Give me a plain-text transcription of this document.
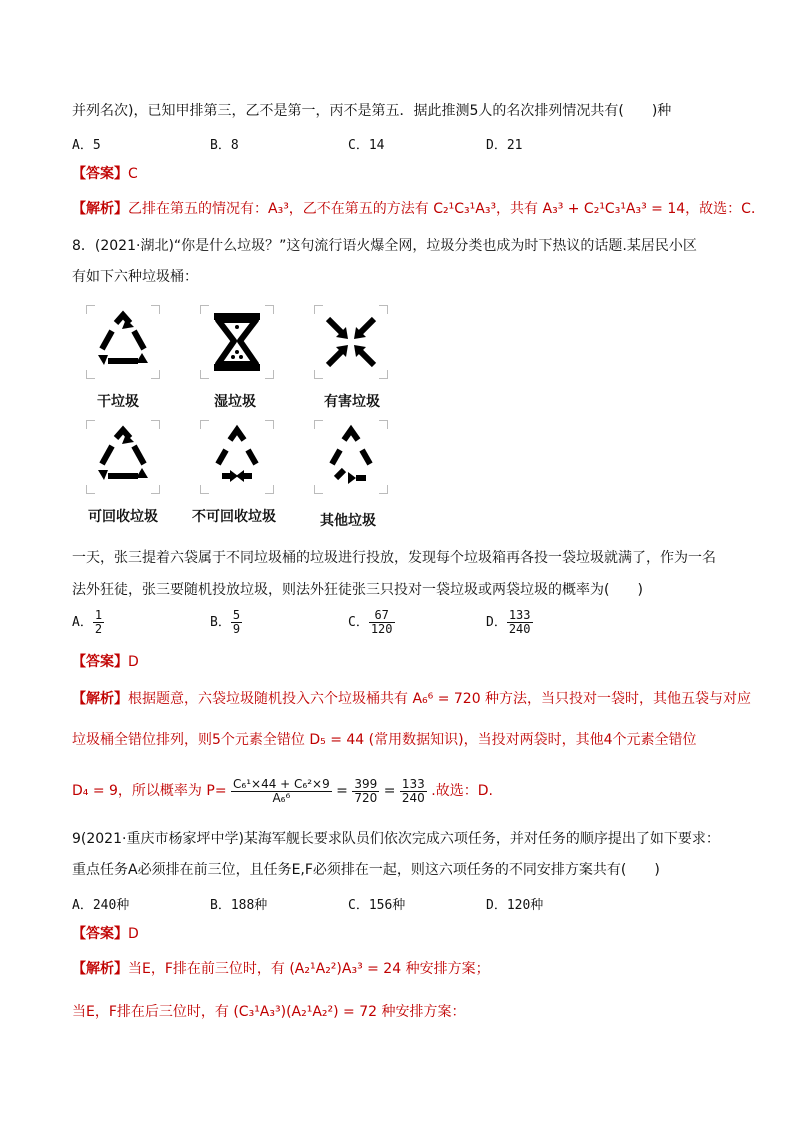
并列名次)，已知甲排第三，乙不是第一，丙不是第五．据此推测5人的名次排列情况共有(　　)种
A．5	B．8	C．14	D．21
【答案】C
【解析】乙排在第五的情况有：A₃³，乙不在第五的方法有 C₂¹C₃¹A₃³，共有 A₃³ + C₂¹C₃¹A₃³ = 14，故选：C．
8．(2021·湖北)“你是什么垃圾？”这句流行语火爆全网，垃圾分类也成为时下热议的话题.某居民小区
有如下六种垃圾桶：
干垃圾	湿垃圾	有害垃圾
可回收垃圾 不可回收垃圾	其他垃圾
一天，张三提着六袋属于不同垃圾桶的垃圾进行投放，发现每个垃圾箱再各投一袋垃圾就满了，作为一名
法外狂徒，张三要随机投放垃圾，则法外狂徒张三只投对一袋垃圾或两袋垃圾的概率为(　　)
A． $\frac{1}{2}$	B． $\frac{5}{9}$	C． $\frac{67}{120}$	D． $\frac{133}{240}$
【答案】D
【解析】根据题意，六袋垃圾随机投入六个垃圾桶共有 A₆⁶ = 720 种方法，当只投对一袋时，其他五袋与对应
垃圾桶全错位排列，则5个元素全错位 D₅ = 44 (常用数据知识)，当投对两袋时，其他4个元素全错位
D₄ = 9，所以概率为 $P= \frac{\text{C₆¹×44 + C₆²×9}}{\text{A₆⁶}} = \frac{399}{720} = \frac{133}{240}$ .故选：D.
9(2021·重庆市杨家坪中学)某海军舰长要求队员们依次完成六项任务，并对任务的顺序提出了如下要求：
重点任务A必须排在前三位，且任务E,F必须排在一起，则这六项任务的不同安排方案共有(　　)
A．240种	B．188种	C．156种	D．120种
【答案】D
【解析】当E，F排在前三位时，有 (A₂¹A₂²)A₃³ = 24 种安排方案；
当E，F排在后三位时，有 (C₃¹A₃³)(A₂¹A₂²) = 72 种安排方案：
